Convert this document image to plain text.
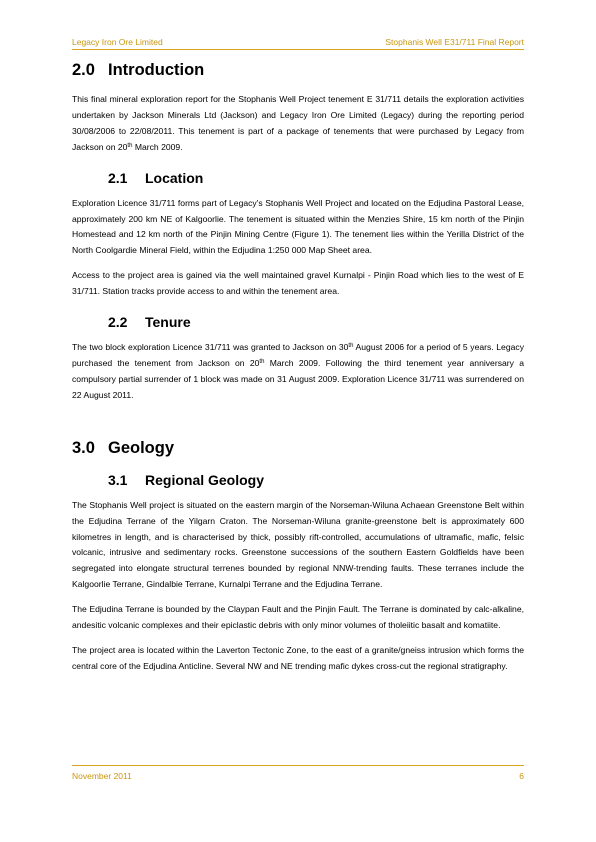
Legacy Iron Ore Limited	Stophanis Well E31/711 Final Report
2.0 Introduction

This final mineral exploration report for the Stophanis Well Project tenement E 31/711 details the exploration activities undertaken by Jackson Minerals Ltd (Jackson) and Legacy Iron Ore Limited (Legacy) during the reporting period 30/08/2006 to 22/08/2011. This tenement is part of a package of tenements that were purchased by Legacy from Jackson on 20th March 2009.

2.1 Location

Exploration Licence 31/711 forms part of Legacy's Stophanis Well Project and located on the Edjudina Pastoral Lease, approximately 200 km NE of Kalgoorlie. The tenement is situated within the Menzies Shire, 15 km north of the Pinjin Homestead and 12 km north of the Pinjin Mining Centre (Figure 1). The tenement lies within the Yerilla District of the North Coolgardie Mineral Field, within the Edjudina 1:250 000 Map Sheet area.

Access to the project area is gained via the well maintained gravel Kurnalpi - Pinjin Road which lies to the west of E 31/711. Station tracks provide access to and within the tenement area.

2.2 Tenure

The two block exploration Licence 31/711 was granted to Jackson on 30th August 2006 for a period of 5 years. Legacy purchased the tenement from Jackson on 20th March 2009. Following the third tenement year anniversary a compulsory partial surrender of 1 block was made on 31 August 2009. Exploration Licence 31/711 was surrendered on 22 August 2011.

3.0 Geology
3.1 Regional Geology

The Stophanis Well project is situated on the eastern margin of the Norseman-Wiluna Achaean Greenstone Belt within the Edjudina Terrane of the Yilgarn Craton. The Norseman-Wiluna granite-greenstone belt is approximately 600 kilometres in length, and is characterised by thick, possibly rift-controlled, accumulations of ultramafic, mafic, felsic volcanic, intrusive and sedimentary rocks. Greenstone successions of the southern Eastern Goldfields have been segregated into elongate structural terrenes bounded by regional NNW-trending faults. These terranes include the Kalgoorlie Terrane, Gindalbie Terrane, Kurnalpi Terrane and the Edjudina Terrane.

The Edjudina Terrane is bounded by the Claypan Fault and the Pinjin Fault. The Terrane is dominated by calc-alkaline, andesitic volcanic complexes and their epiclastic debris with only minor volumes of tholeiitic basalt and komatiite.

The project area is located within the Laverton Tectonic Zone, to the east of a granite/gneiss intrusion which forms the central core of the Edjudina Anticline. Several NW and NE trending mafic dykes cross-cut the regional stratigraphy.

November 2011	6
